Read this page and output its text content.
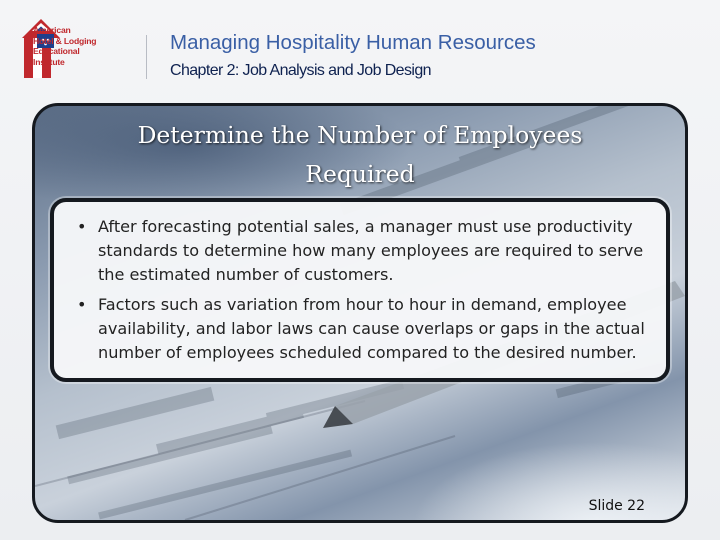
American
Hotel & Lodging
Educational Institute
Managing Hospitality Human Resources
Chapter 2: Job Analysis and Job Design
Determine the Number of Employees
Required
• After forecasting potential sales, a manager must use productivity standards to determine how many employees are required to serve the estimated number of customers.
• Factors such as variation from hour to hour in demand, employee availability, and labor laws can cause overlaps or gaps in the actual number of employees scheduled compared to the desired number.
Slide 22
